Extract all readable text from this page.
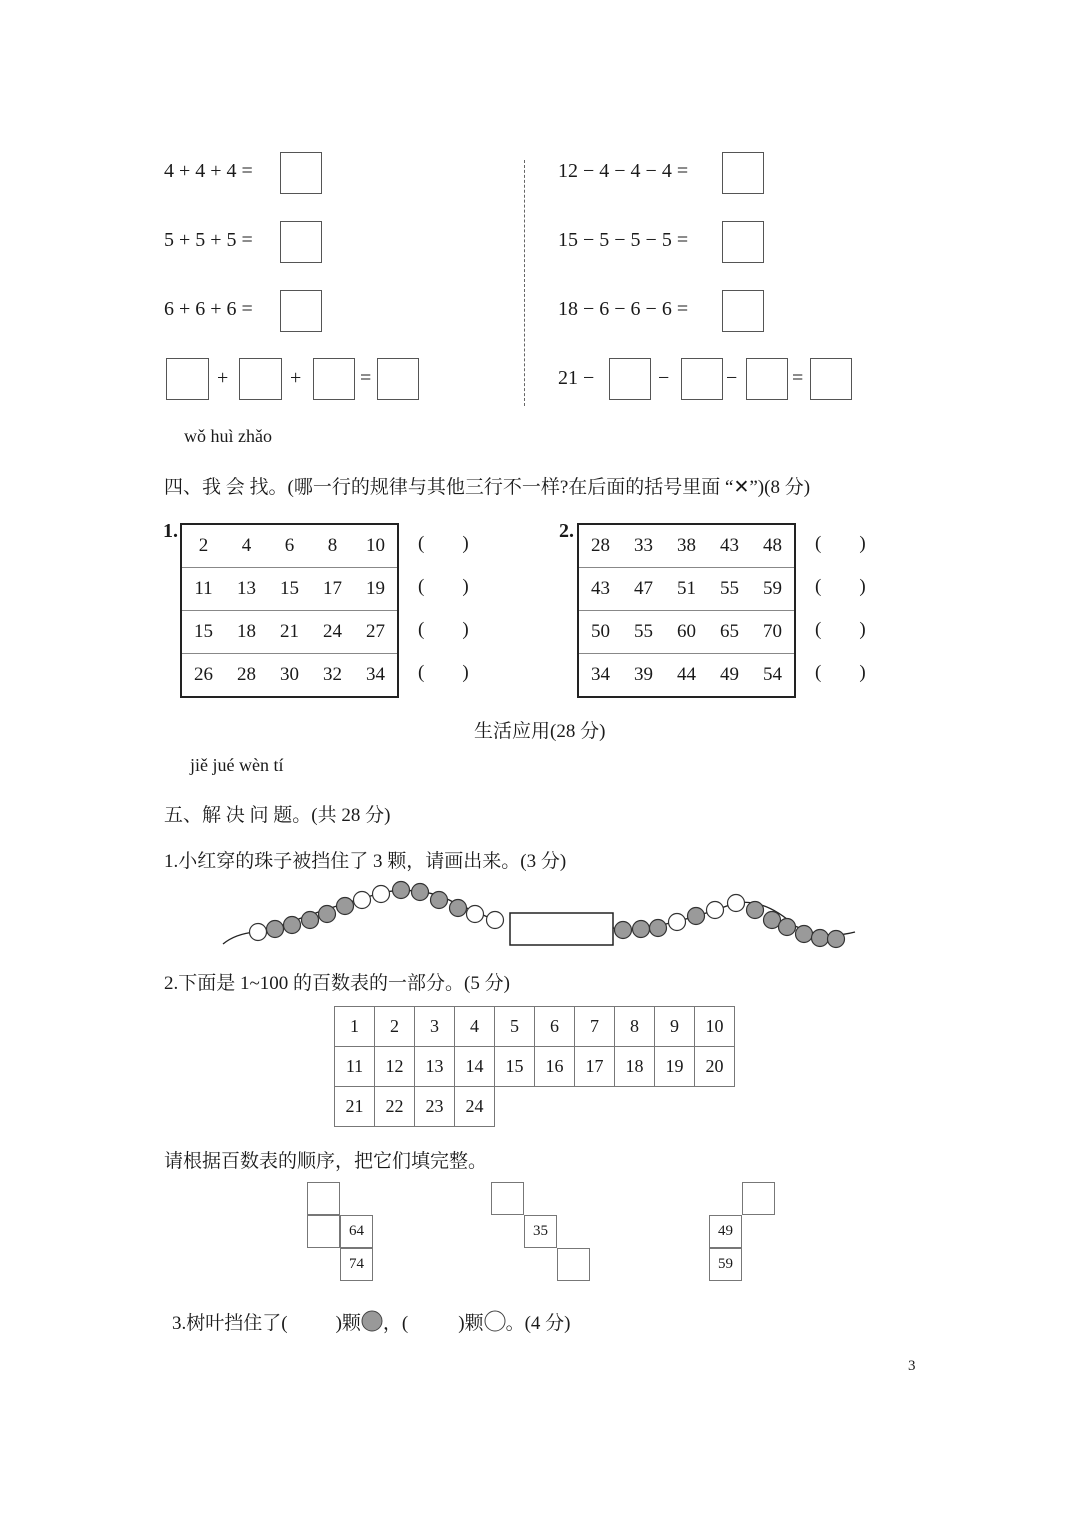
4 + 4 + 4 =
5 + 5 + 5 =
6 + 6 + 6 =
+	+	=
12 − 4 − 4 − 4 =
15 − 5 − 5 − 5 =
18 − 6 − 6 − 6 =
21 −	−	−	=
wǒ huì zhǎo
四、我 会 找。(哪一行的规律与其他三行不一样?在后面的括号里面 “✕”)(8 分)
1.
2	4	6	8	10
11	13	15	17	19
15	18	21	24	27
26	28	30	32	34
(        )
(        )
(        )
(        )
2.
28	33	38	43	48
43	47	51	55	59
50	55	60	65	70
34	39	44	49	54
(        )
(        )
(        )
(        )
生活应用(28 分)
jiě jué wèn tí
五、解 决 问 题。(共 28 分)
1.小红穿的珠子被挡住了 3 颗，请画出来。(3 分)
2.下面是 1~100 的百数表的一部分。(5 分)
1	2	3	4	5	6	7	8	9	10
11	12	13	14	15	16	17	18	19	20
21	22	23	24						
请根据百数表的顺序，把它们填完整。
64
74
35	49
59
3.树叶挡住了(	)颗 ，(	)颗 。(4 分)
3
